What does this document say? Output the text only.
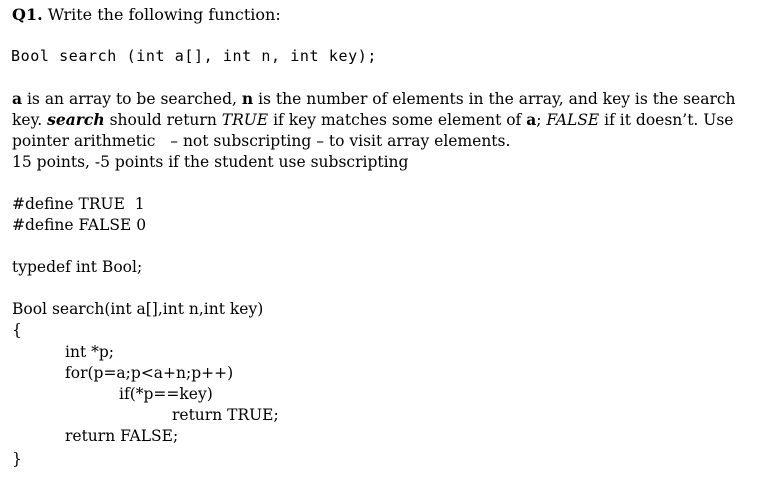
Q1. Write the following function:
Bool search (int a[], int n, int key);
a is an array to be searched, n is the number of elements in the array, and key is the search
key. search should return TRUE if key matches some element of a; FALSE if it doesn’t. Use
pointer arithmetic   – not subscripting – to visit array elements.
15 points, -5 points if the student use subscripting
#define TRUE  1
#define FALSE 0
typedef int Bool;
Bool search(int a[],int n,int key)
{
int *p;
for(p=a;p<a+n;p++)
if(*p==key)
return TRUE;
return FALSE;
}
